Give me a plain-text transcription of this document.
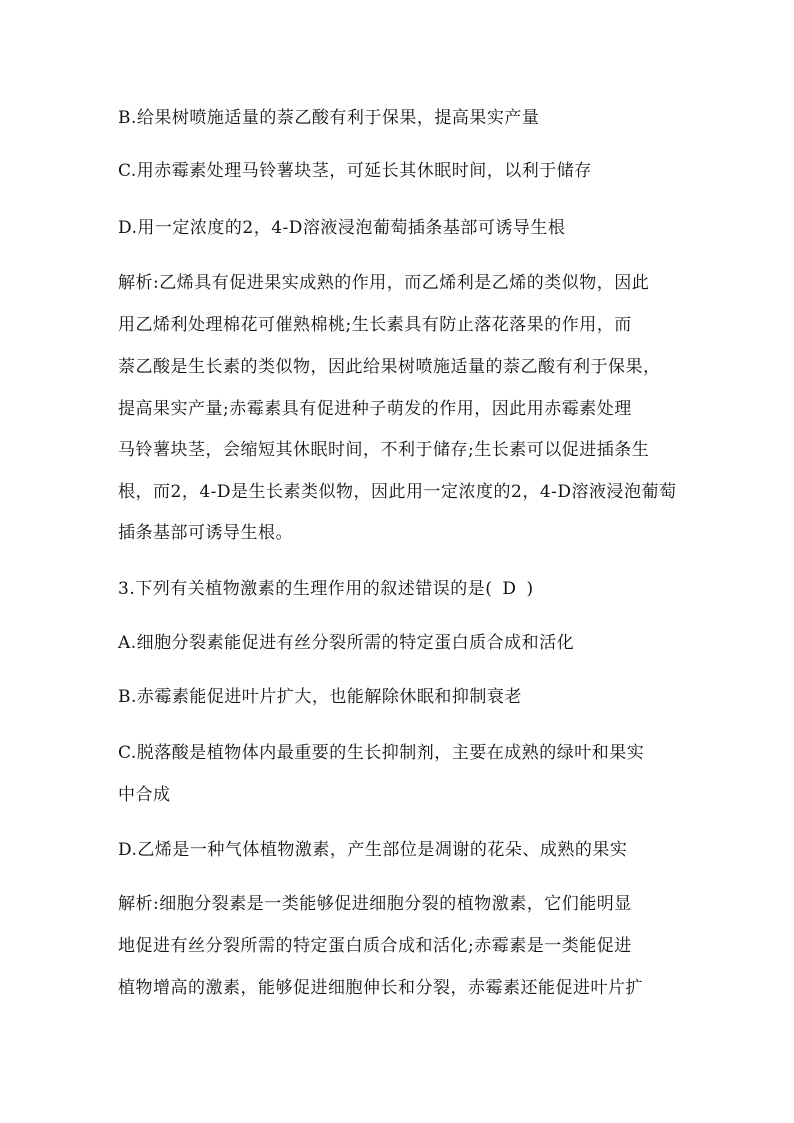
B.给果树喷施适量的萘乙酸有利于保果，提高果实产量
C.用赤霉素处理马铃薯块茎，可延长其休眠时间，以利于储存
D.用一定浓度的2，4-D溶液浸泡葡萄插条基部可诱导生根
解析:乙烯具有促进果实成熟的作用，而乙烯利是乙烯的类似物，因此
用乙烯利处理棉花可催熟棉桃;生长素具有防止落花落果的作用，而
萘乙酸是生长素的类似物，因此给果树喷施适量的萘乙酸有利于保果，
提高果实产量;赤霉素具有促进种子萌发的作用，因此用赤霉素处理
马铃薯块茎，会缩短其休眠时间，不利于储存;生长素可以促进插条生
根，而2，4-D是生长素类似物，因此用一定浓度的2，4-D溶液浸泡葡萄
插条基部可诱导生根。
3.下列有关植物激素的生理作用的叙述错误的是( D )
A.细胞分裂素能促进有丝分裂所需的特定蛋白质合成和活化
B.赤霉素能促进叶片扩大，也能解除休眠和抑制衰老
C.脱落酸是植物体内最重要的生长抑制剂，主要在成熟的绿叶和果实
中合成
D.乙烯是一种气体植物激素，产生部位是凋谢的花朵、成熟的果实
解析:细胞分裂素是一类能够促进细胞分裂的植物激素，它们能明显
地促进有丝分裂所需的特定蛋白质合成和活化;赤霉素是一类能促进
植物增高的激素，能够促进细胞伸长和分裂，赤霉素还能促进叶片扩
